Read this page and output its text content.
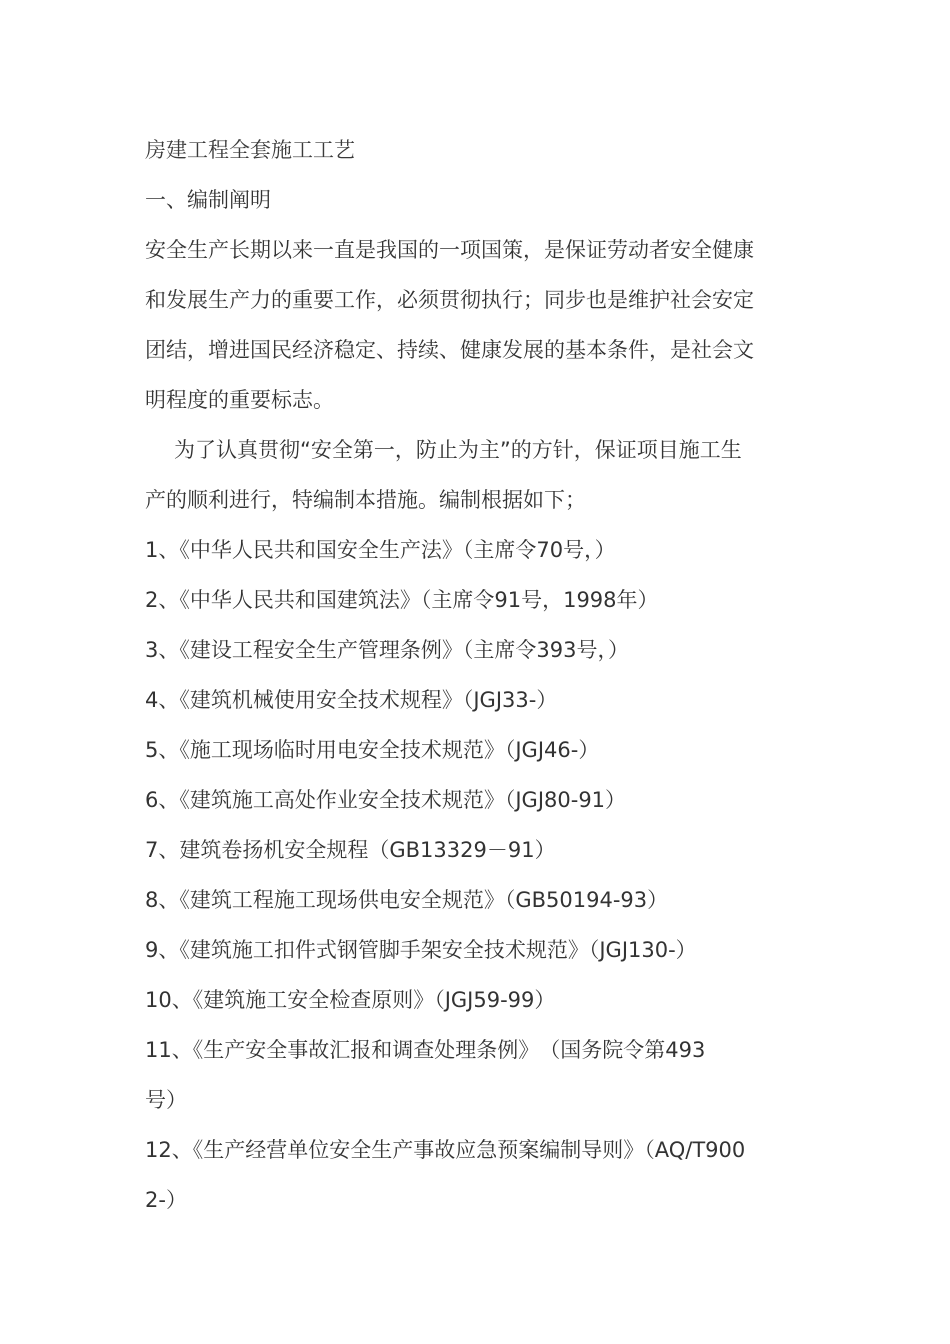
房建工程全套施工工艺
一、编制阐明
安全生产长期以来一直是我国的一项国策，是保证劳动者安全健康
和发展生产力的重要工作，必须贯彻执行；同步也是维护社会安定
团结，增进国民经济稳定、持续、健康发展的基本条件，是社会文
明程度的重要标志。
为了认真贯彻“安全第一，防止为主”的方针，保证项目施工生
产的顺利进行，特编制本措施。编制根据如下；
1、《中华人民共和国安全生产法》（主席令70号，）
2、《中华人民共和国建筑法》（主席令91号，1998年）
3、《建设工程安全生产管理条例》（主席令393号，）
4、《建筑机械使用安全技术规程》（JGJ33-）
5、《施工现场临时用电安全技术规范》（JGJ46-）
6、《建筑施工高处作业安全技术规范》（JGJ80-91）
7、建筑卷扬机安全规程（GB13329－91）
8、《建筑工程施工现场供电安全规范》（GB50194-93）
9、《建筑施工扣件式钢管脚手架安全技术规范》（JGJ130-）
10、《建筑施工安全检查原则》（JGJ59-99）
11、《生产安全事故汇报和调查处理条例》　（国务院令第493
号）
12、《生产经营单位安全生产事故应急预案编制导则》（AQ/T900
2-）
